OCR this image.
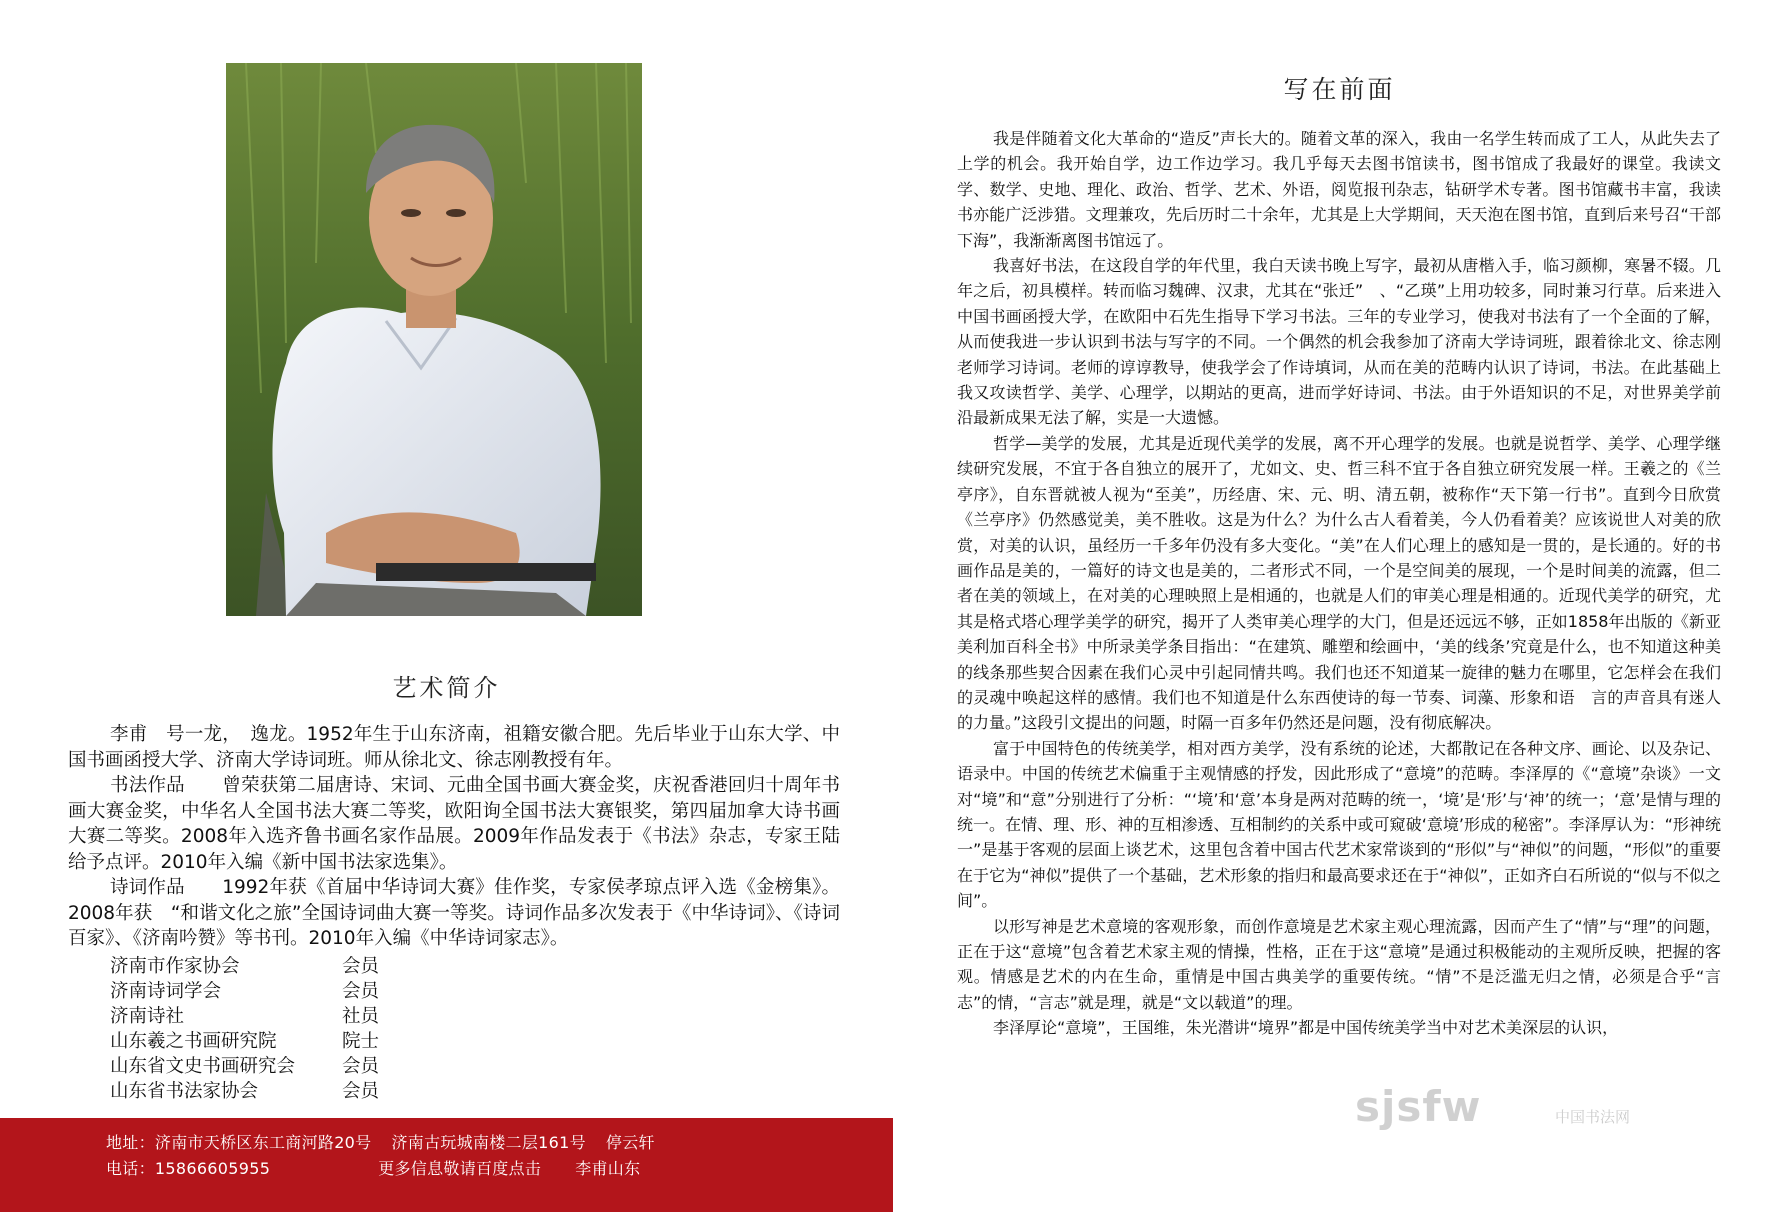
艺术简介

李甫　号一龙，　逸龙。1952年生于山东济南，祖籍安徽合肥。先后毕业于山东大学、中国书画函授大学、济南大学诗词班。师从徐北文、徐志刚教授有年。

书法作品　　曾荣获第二届唐诗、宋词、元曲全国书画大赛金奖，庆祝香港回归十周年书画大赛金奖，中华名人全国书法大赛二等奖，欧阳询全国书法大赛银奖，第四届加拿大诗书画大赛二等奖。2008年入选齐鲁书画名家作品展。2009年作品发表于《书法》杂志，专家王陆给予点评。2010年入编《新中国书法家选集》。

诗词作品　　1992年获《首届中华诗词大赛》佳作奖，专家侯孝琼点评入选《金榜集》。2008年获　“和谐文化之旅”全国诗词曲大赛一等奖。诗词作品多次发表于《中华诗词》、《诗词百家》、《济南吟赞》等书刊。2010年入编《中华诗词家志》。

济南市作家协会	会员
济南诗词学会	会员
济南诗社	社员
山东羲之书画研究院	院士
山东省文史书画研究会	会员
山东省书法家协会	会员
地址：济南市天桥区东工商河路20号 济南古玩城南楼二层161号 停云轩
电话：15866605955	更多信息敬请百度点击 李甫山东
写在前面

我是伴随着文化大革命的“造反”声长大的。随着文革的深入，我由一名学生转而成了工人，从此失去了上学的机会。我开始自学，边工作边学习。我几乎每天去图书馆读书，图书馆成了我最好的课堂。我读文学、数学、史地、理化、政治、哲学、艺术、外语，阅览报刊杂志，钻研学术专著。图书馆藏书丰富，我读书亦能广泛涉猎。文理兼攻，先后历时二十余年，尤其是上大学期间，天天泡在图书馆，直到后来号召“干部下海”，我渐渐离图书馆远了。

我喜好书法，在这段自学的年代里，我白天读书晚上写字，最初从唐楷入手，临习颜柳，寒暑不辍。几年之后，初具模样。转而临习魏碑、汉隶，尤其在“张迁”　、“乙瑛”上用功较多，同时兼习行草。后来进入中国书画函授大学，在欧阳中石先生指导下学习书法。三年的专业学习，使我对书法有了一个全面的了解，从而使我进一步认识到书法与写字的不同。一个偶然的机会我参加了济南大学诗词班，跟着徐北文、徐志刚老师学习诗词。老师的谆谆教导，使我学会了作诗填词，从而在美的范畴内认识了诗词，书法。在此基础上我又攻读哲学、美学、心理学，以期站的更高，进而学好诗词、书法。由于外语知识的不足，对世界美学前沿最新成果无法了解，实是一大遗憾。

哲学—美学的发展，尤其是近现代美学的发展，离不开心理学的发展。也就是说哲学、美学、心理学继续研究发展，不宜于各自独立的展开了，尤如文、史、哲三科不宜于各自独立研究发展一样。王羲之的《兰亭序》，自东晋就被人视为“至美”，历经唐、宋、元、明、清五朝，被称作“天下第一行书”。直到今日欣赏《兰亭序》仍然感觉美，美不胜收。这是为什么？为什么古人看着美，今人仍看着美？应该说世人对美的欣赏，对美的认识，虽经历一千多年仍没有多大变化。“美”在人们心理上的感知是一贯的，是长通的。好的书画作品是美的，一篇好的诗文也是美的，二者形式不同，一个是空间美的展现，一个是时间美的流露，但二者在美的领域上，在对美的心理映照上是相通的，也就是人们的审美心理是相通的。近现代美学的研究，尤其是格式塔心理学美学的研究，揭开了人类审美心理学的大门，但是还远远不够，正如1858年出版的《新亚美利加百科全书》中所录美学条目指出：“在建筑、雕塑和绘画中，‘美的线条’究竟是什么，也不知道这种美的线条那些契合因素在我们心灵中引起同情共鸣。我们也还不知道某一旋律的魅力在哪里，它怎样会在我们的灵魂中唤起这样的感情。我们也不知道是什么东西使诗的每一节奏、词藻、形象和语　言的声音具有迷人的力量。”这段引文提出的问题，时隔一百多年仍然还是问题，没有彻底解决。

富于中国特色的传统美学，相对西方美学，没有系统的论述，大都散记在各种文序、画论、以及杂记、语录中。中国的传统艺术偏重于主观情感的抒发，因此形成了“意境”的范畴。李泽厚的《“意境”杂谈》一文对“境”和“意”分别进行了分析：“‘境’和‘意’本身是两对范畴的统一，‘境’是‘形’与‘神’的统一；‘意’是情与理的统一。在情、理、形、神的互相渗透、互相制约的关系中或可窥破‘意境’形成的秘密”。李泽厚认为：“形神统一”是基于客观的层面上谈艺术，这里包含着中国古代艺术家常谈到的“形似”与“神似”的问题，“形似”的重要在于它为“神似”提供了一个基础，艺术形象的指归和最高要求还在于“神似”，正如齐白石所说的“似与不似之间”。

以形写神是艺术意境的客观形象，而创作意境是艺术家主观心理流露，因而产生了“情”与“理”的问题，正在于这“意境”包含着艺术家主观的情操，性格，正在于这“意境”是通过积极能动的主观所反映，把握的客观。情感是艺术的内在生命，重情是中国古典美学的重要传统。“情”不是泛滥无归之情，必须是合乎“言志”的情，“言志”就是理，就是“文以载道”的理。

李泽厚论“意境”，王国维，朱光潜讲“境界”都是中国传统美学当中对艺术美深层的认识，

sjsfw	中国书法网
